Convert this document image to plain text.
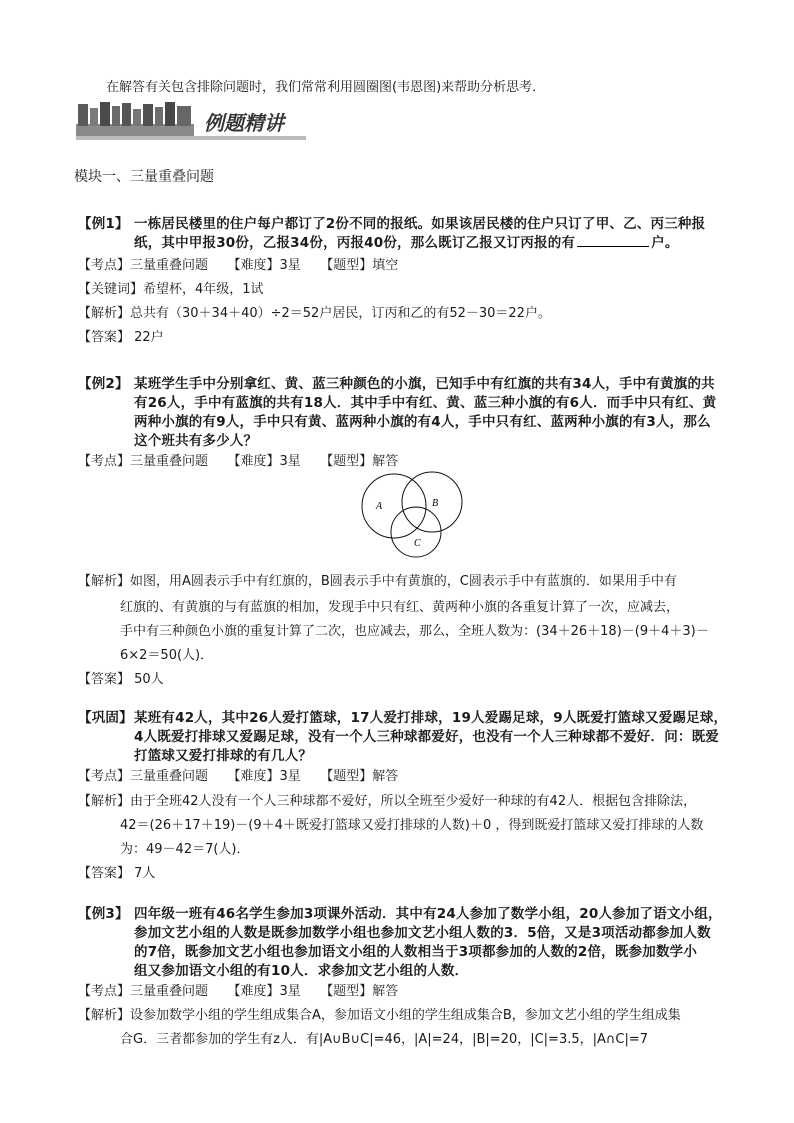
在解答有关包含排除问题时，我们常常利用圆圈图(韦恩图)来帮助分析思考．
例题精讲
模块一、三量重叠问题
【例1】 一栋居民楼里的住户每户都订了2份不同的报纸。如果该居民楼的住户只订了甲、乙、丙三种报
纸，其中甲报30份，乙报34份，丙报40份，那么既订乙报又订丙报的有	户。
【考点】三量重叠问题　　【难度】3星　　【题型】填空
【关键词】希望杯，4年级，1试
【解析】总共有（30＋34＋40）÷2＝52户居民，订丙和乙的有52－30＝22户。
【答案】 22户
【例2】 某班学生手中分别拿红、黄、蓝三种颜色的小旗，已知手中有红旗的共有34人，手中有黄旗的共
有26人，手中有蓝旗的共有18人．其中手中有红、黄、蓝三种小旗的有6人．而手中只有红、黄
两种小旗的有9人，手中只有黄、蓝两种小旗的有4人，手中只有红、蓝两种小旗的有3人，那么
这个班共有多少人？
【考点】三量重叠问题　　【难度】3星　　【题型】解答
A	B
C
【解析】如图，用A圆表示手中有红旗的，B圆表示手中有黄旗的，C圆表示手中有蓝旗的．如果用手中有
红旗的、有黄旗的与有蓝旗的相加，发现手中只有红、黄两种小旗的各重复计算了一次，应减去，
手中有三种颜色小旗的重复计算了二次，也应减去，那么，全班人数为：(34＋26＋18)－(9＋4＋3)－
6×2＝50(人)．
【答案】 50人
【巩固】 某班有42人，其中26人爱打篮球，17人爱打排球，19人爱踢足球，9人既爱打篮球又爱踢足球，
4人既爱打排球又爱踢足球，没有一个人三种球都爱好，也没有一个人三种球都不爱好．问：既爱
打篮球又爱打排球的有几人？
【考点】三量重叠问题　　【难度】3星　　【题型】解答
【解析】由于全班42人没有一个人三种球都不爱好，所以全班至少爱好一种球的有42人．根据包含排除法，
42＝(26＋17＋19)－(9＋4＋既爱打篮球又爱打排球的人数)＋0 ，得到既爱打篮球又爱打排球的人数
为：49－42＝7(人)．
【答案】 7人
【例3】 四年级一班有46名学生参加3项课外活动．其中有24人参加了数学小组，20人参加了语文小组，
参加文艺小组的人数是既参加数学小组也参加文艺小组人数的3．5倍，又是3项活动都参加人数
的7倍，既参加文艺小组也参加语文小组的人数相当于3项都参加的人数的2倍，既参加数学小
组又参加语文小组的有10人．求参加文艺小组的人数．
【考点】三量重叠问题　　【难度】3星　　【题型】解答
【解析】设参加数学小组的学生组成集合A，参加语文小组的学生组成集合B，参加文艺小组的学生组成集
合G．三者都参加的学生有z人．有|A∪B∪C|=46，|A|=24，|B|=20，|C|=3.5，|A∩C|=7
